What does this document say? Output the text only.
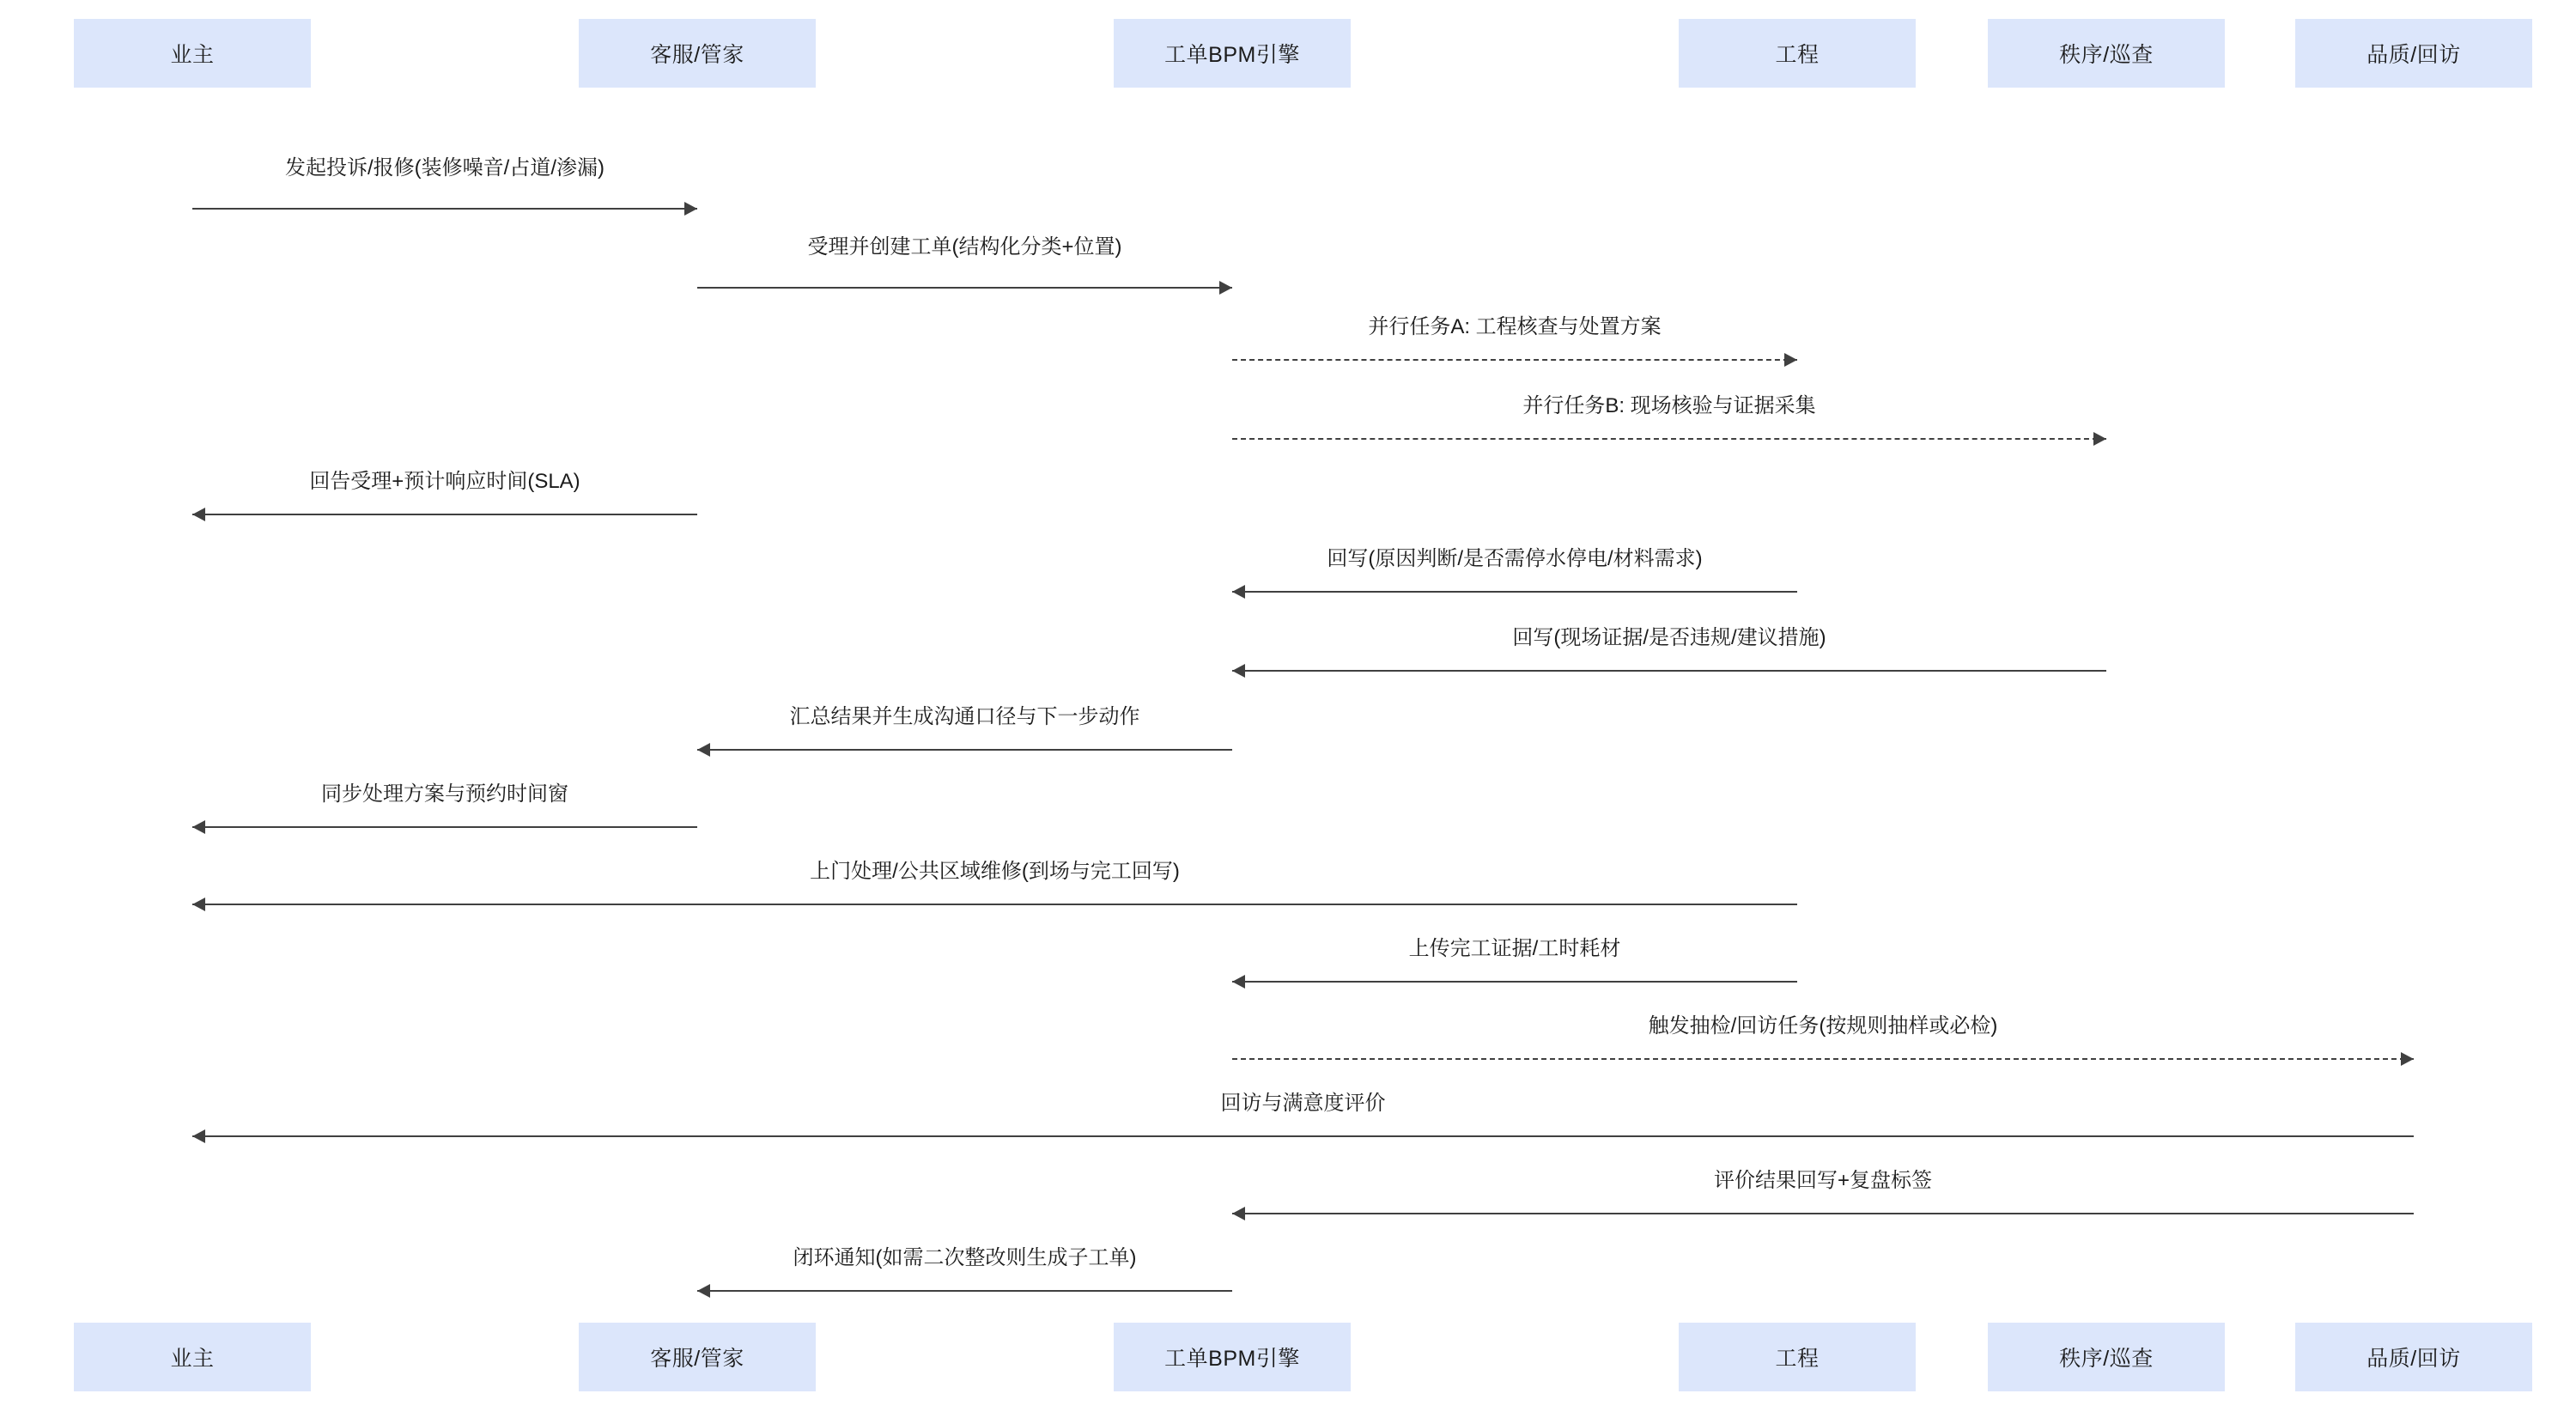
业主	客服/管家	工单BPM引擎	工程	秩序/巡查	品质/回访
发起投诉/报修(装修噪音/占道/渗漏)
受理并创建工单(结构化分类+位置)
并行任务A: 工程核查与处置方案
并行任务B: 现场核验与证据采集
回告受理+预计响应时间(SLA)
回写(原因判断/是否需停水停电/材料需求)
回写(现场证据/是否违规/建议措施)
汇总结果并生成沟通口径与下一步动作
同步处理方案与预约时间窗
上门处理/公共区域维修(到场与完工回写)
上传完工证据/工时耗材
触发抽检/回访任务(按规则抽样或必检)
回访与满意度评价
评价结果回写+复盘标签
闭环通知(如需二次整改则生成子工单)
业主	客服/管家	工单BPM引擎	工程	秩序/巡查	品质/回访
